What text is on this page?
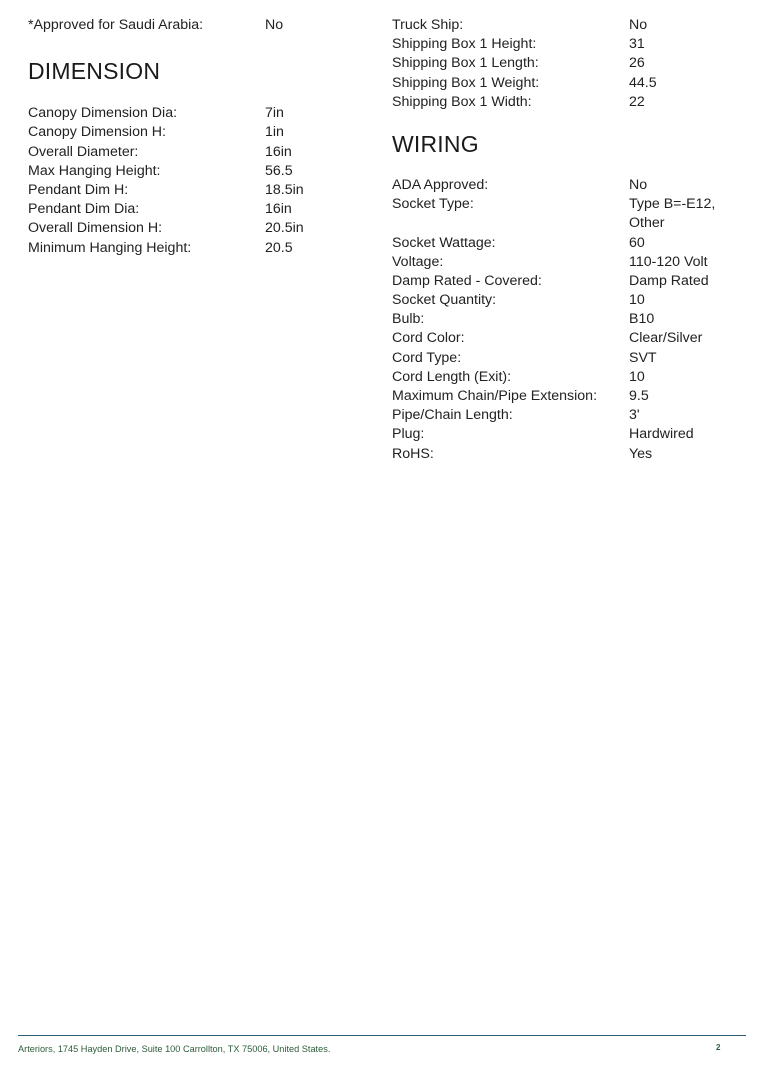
*Approved for Saudi Arabia:	No
DIMENSION
Canopy Dimension Dia:	7in
Canopy Dimension H:	1in
Overall Diameter:	16in
Max Hanging Height:	56.5
Pendant Dim H:	18.5in
Pendant Dim Dia:	16in
Overall Dimension H:	20.5in
Minimum Hanging Height:	20.5
Truck Ship:	No
Shipping Box 1 Height:	31
Shipping Box 1 Length:	26
Shipping Box 1 Weight:	44.5
Shipping Box 1 Width:	22
WIRING
ADA Approved:	No
Socket Type:	Type B=-E12, Other
Socket Wattage:	60
Voltage:	110-120 Volt
Damp Rated - Covered:	Damp Rated
Socket Quantity:	10
Bulb:	B10
Cord Color:	Clear/Silver
Cord Type:	SVT
Cord Length (Exit):	10
Maximum Chain/Pipe Extension:	9.5
Pipe/Chain Length:	3'
Plug:	Hardwired
RoHS:	Yes
Arteriors, 1745 Hayden Drive, Suite 100 Carrollton, TX 75006, United States.	2
